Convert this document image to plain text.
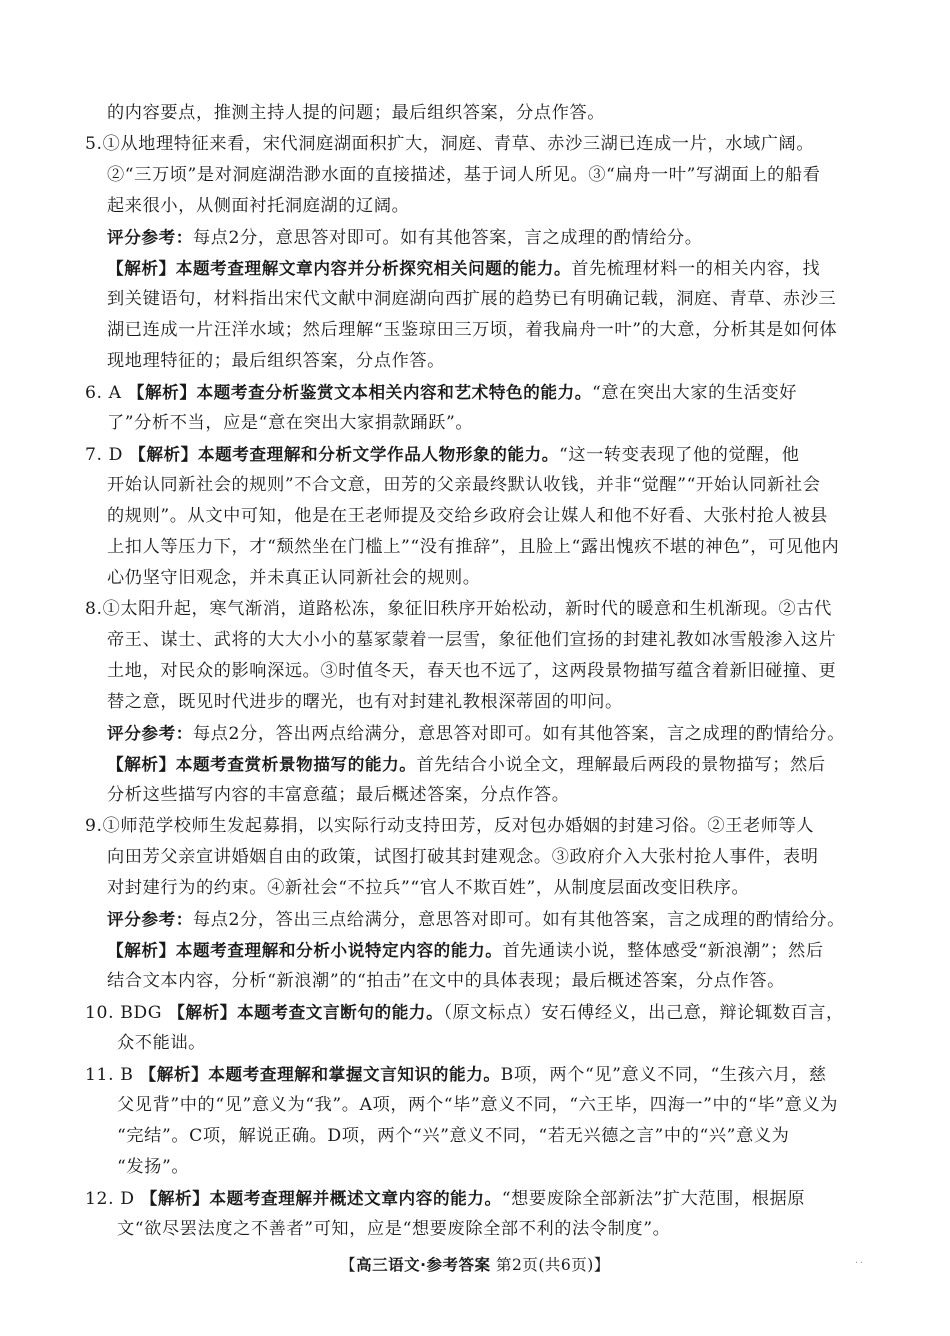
的内容要点，推测主持人提的问题；最后组织答案，分点作答。
5.①从地理特征来看，宋代洞庭湖面积扩大，洞庭、青草、赤沙三湖已连成一片，水域广阔。
②“三万顷”是对洞庭湖浩渺水面的直接描述，基于词人所见。③“扁舟一叶”写湖面上的船看
起来很小，从侧面衬托洞庭湖的辽阔。
评分参考：每点2分，意思答对即可。如有其他答案，言之成理的酌情给分。
【解析】本题考查理解文章内容并分析探究相关问题的能力。首先梳理材料一的相关内容，找
到关键语句，材料指出宋代文献中洞庭湖向西扩展的趋势已有明确记载，洞庭、青草、赤沙三
湖已连成一片汪洋水域；然后理解“玉鉴琼田三万顷，着我扁舟一叶”的大意，分析其是如何体
现地理特征的；最后组织答案，分点作答。
6. A 【解析】本题考查分析鉴赏文本相关内容和艺术特色的能力。“意在突出大家的生活变好
了”分析不当，应是“意在突出大家捐款踊跃”。
7. D 【解析】本题考查理解和分析文学作品人物形象的能力。“这一转变表现了他的觉醒，他
开始认同新社会的规则”不合文意，田芳的父亲最终默认收钱，并非“觉醒”“开始认同新社会
的规则”。从文中可知，他是在王老师提及交给乡政府会让媒人和他不好看、大张村抢人被县
上扣人等压力下，才“颓然坐在门槛上”“没有推辞”，且脸上“露出愧疚不堪的神色”，可见他内
心仍坚守旧观念，并未真正认同新社会的规则。
8.①太阳升起，寒气渐消，道路松冻，象征旧秩序开始松动，新时代的暖意和生机渐现。②古代
帝王、谋士、武将的大大小小的墓冢蒙着一层雪，象征他们宣扬的封建礼教如冰雪般渗入这片
土地，对民众的影响深远。③时值冬天，春天也不远了，这两段景物描写蕴含着新旧碰撞、更
替之意，既见时代进步的曙光，也有对封建礼教根深蒂固的叩问。
评分参考：每点2分，答出两点给满分，意思答对即可。如有其他答案，言之成理的酌情给分。
【解析】本题考查赏析景物描写的能力。首先结合小说全文，理解最后两段的景物描写；然后
分析这些描写内容的丰富意蕴；最后概述答案，分点作答。
9.①师范学校师生发起募捐，以实际行动支持田芳，反对包办婚姻的封建习俗。②王老师等人
向田芳父亲宣讲婚姻自由的政策，试图打破其封建观念。③政府介入大张村抢人事件，表明
对封建行为的约束。④新社会“不拉兵”“官人不欺百姓”，从制度层面改变旧秩序。
评分参考：每点2分，答出三点给满分，意思答对即可。如有其他答案，言之成理的酌情给分。
【解析】本题考查理解和分析小说特定内容的能力。首先通读小说，整体感受“新浪潮”；然后
结合文本内容，分析“新浪潮”的“拍击”在文中的具体表现；最后概述答案，分点作答。
10. BDG 【解析】本题考查文言断句的能力。（原文标点）安石傅经义，出己意，辩论辄数百言，
众不能诎。
11. B 【解析】本题考查理解和掌握文言知识的能力。B项，两个“见”意义不同，“生孩六月，慈
父见背”中的“见”意义为“我”。A项，两个“毕”意义不同，“六王毕，四海一”中的“毕”意义为
“完结”。C项，解说正确。D项，两个“兴”意义不同，“若无兴德之言”中的“兴”意义为
“发扬”。
12. D 【解析】本题考查理解并概述文章内容的能力。“想要废除全部新法”扩大范围，根据原
文“欲尽罢法度之不善者”可知，应是“想要废除全部不利的法令制度”。
【高三语文·参考答案 第2页(共6页)】	··
